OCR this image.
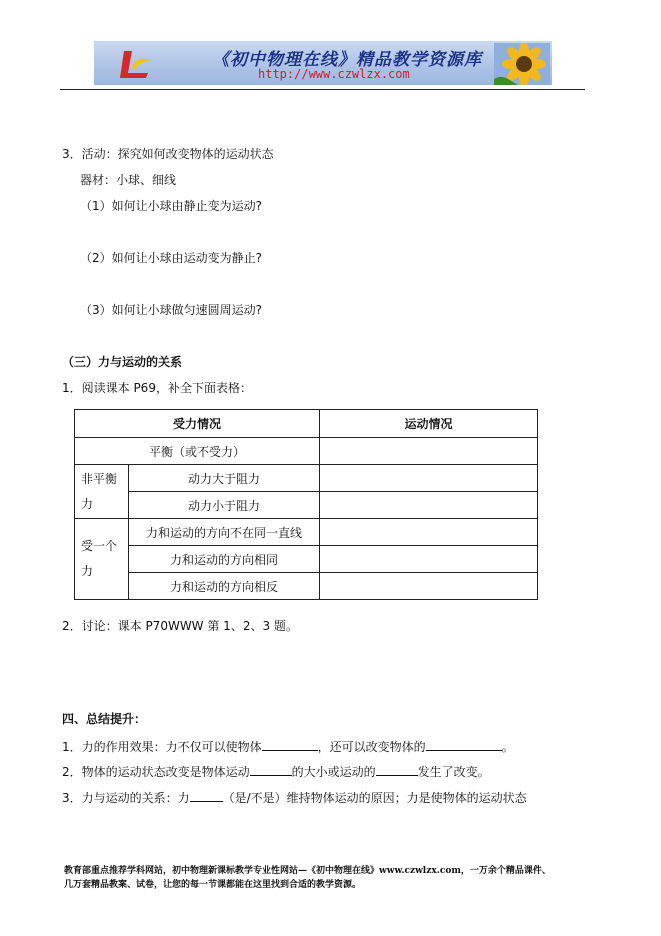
《初中物理在线》精品教学资源库
http://www.czwlzx.com
3．活动：探究如何改变物体的运动状态
器材：小球、细线
（1）如何让小球由静止变为运动?
（2）如何让小球由运动变为静止?
（3）如何让小球做匀速圆周运动?
（三）力与运动的关系
1．阅读课本 P69，补全下面表格：
受力情况		运动情况
平衡（或不受力）		
非平衡力	动力大于阻力	
	动力小于阻力	
受一个力	力和运动的方向不在同一直线	
	力和运动的方向相同	
	力和运动的方向相反	
2．讨论：课本 P70WWW 第 1、2、3 题。
四、总结提升：
1．力的作用效果：力不仅可以使物体	，还可以改变物体的	。
2．物体的运动状态改变是物体运动	的大小或运动的	发生了改变。
3．力与运动的关系：力	（是/不是）维持物体运动的原因；力是使物体的运动状态
教育部重点推荐学科网站，初中物理新课标教学专业性网站—《初中物理在线》www.czwlzx.com，一万余个精品课件、
几万套精品教案、试卷，让您的每一节课都能在这里找到合适的教学资源。
